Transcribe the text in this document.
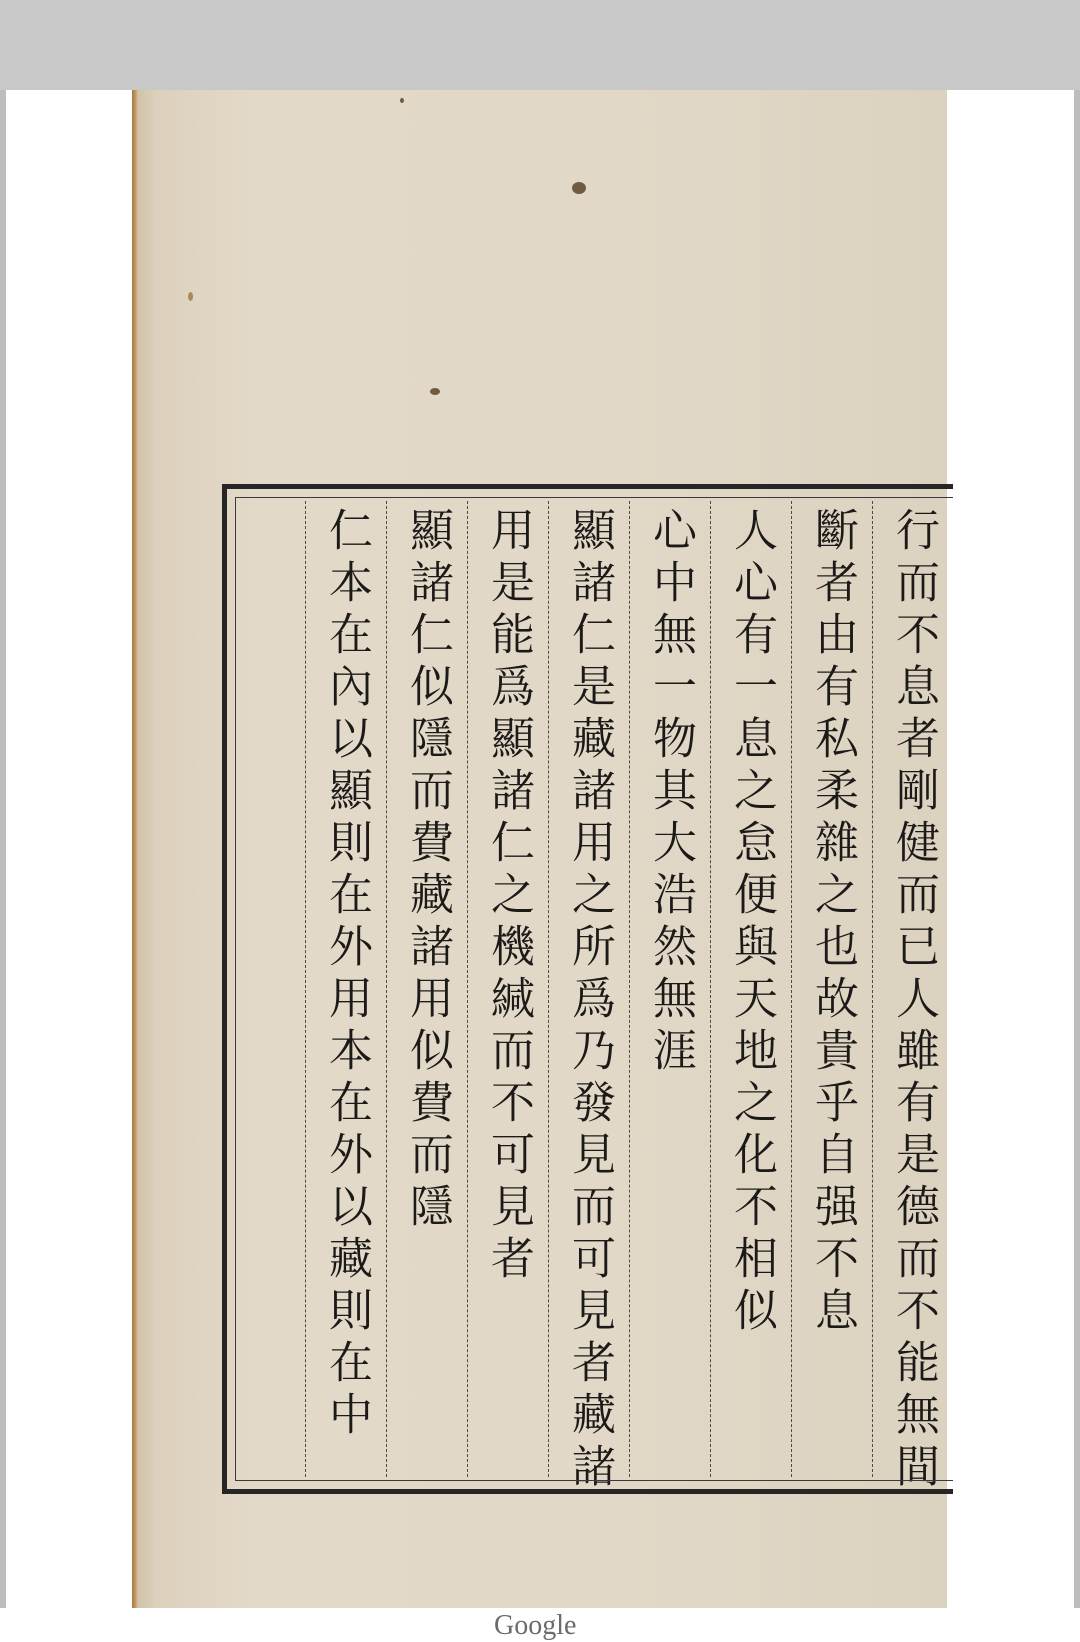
行而不息者剛健而已人雖有是德而不能無間
斷者由有私柔雜之也故貴乎自强不息
人心有一息之怠便與天地之化不相似
心中無一物其大浩然無涯
顯諸仁是藏諸用之所爲乃發見而可見者藏諸
用是能爲顯諸仁之機緘而不可見者
顯諸仁似隱而費藏諸用似費而隱
仁本在內以顯則在外用本在外以藏則在中
Google
